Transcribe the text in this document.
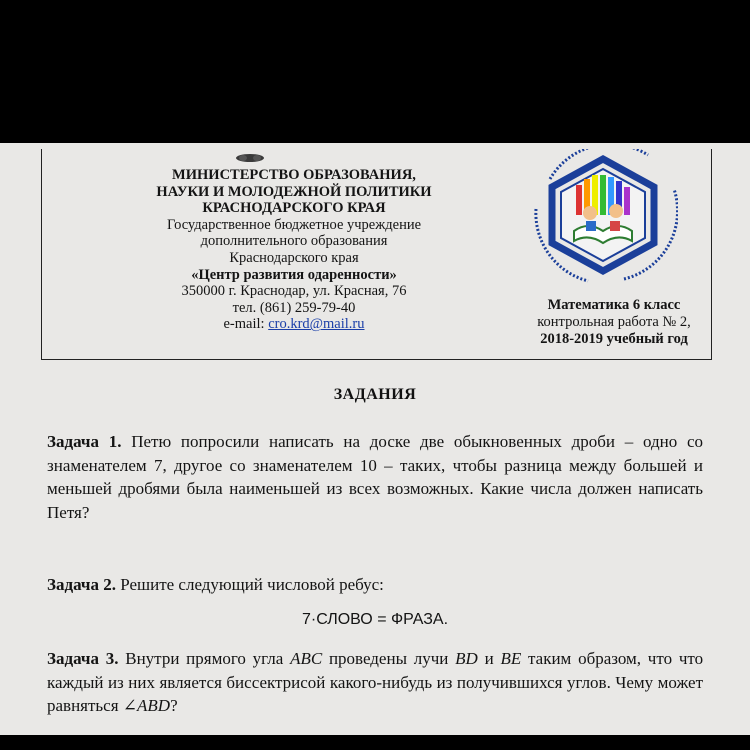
МИНИСТЕРСТВО ОБРАЗОВАНИЯ,
НАУКИ И МОЛОДЕЖНОЙ ПОЛИТИКИ
КРАСНОДАРСКОГО КРАЯ
Государственное бюджетное учреждение
дополнительного образования
Краснодарского края
«Центр развития одаренности»
350000 г. Краснодар, ул. Красная, 76
тел. (861) 259-79-40
e-mail: cro.krd@mail.ru
Математика 6 класс
контрольная работа № 2,
2018-2019 учебный год
ЗАДАНИЯ
Задача 1. Петю попросили написать на доске две обыкновенных дроби – одно со знаменателем 7, другое со знаменателем 10 – таких, чтобы разница между большей и меньшей дробями была наименьшей из всех возможных. Какие числа должен написать Петя?
Задача 2. Решите следующий числовой ребус:
7·СЛОВО = ФРАЗА.
Задача 3. Внутри прямого угла ABC проведены лучи BD и BE таким образом, что что каждый из них является биссектрисой какого-нибудь из получившихся углов. Чему может равняться ∠ABD?
